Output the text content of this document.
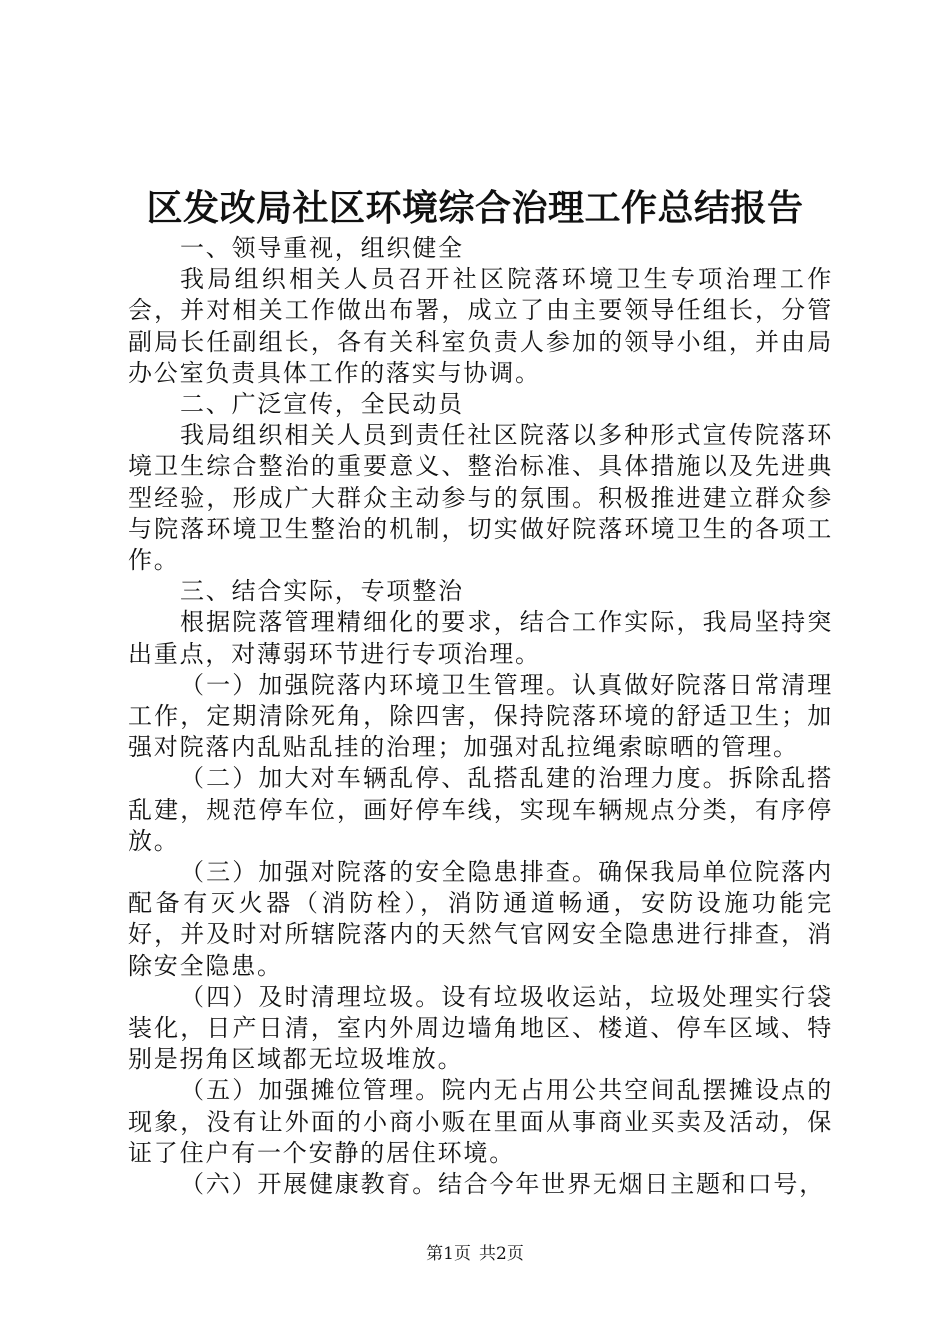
区发改局社区环境综合治理工作总结报告

一、领导重视，组织健全

我局组织相关人员召开社区院落环境卫生专项治理工作会，并对相关工作做出布署，成立了由主要领导任组长，分管副局长任副组长，各有关科室负责人参加的领导小组，并由局办公室负责具体工作的落实与协调。

二、广泛宣传，全民动员

我局组织相关人员到责任社区院落以多种形式宣传院落环境卫生综合整治的重要意义、整治标准、具体措施以及先进典型经验，形成广大群众主动参与的氛围。积极推进建立群众参与院落环境卫生整治的机制，切实做好院落环境卫生的各项工作。

三、结合实际，专项整治

根据院落管理精细化的要求，结合工作实际，我局坚持突出重点，对薄弱环节进行专项治理。

（一）加强院落内环境卫生管理。认真做好院落日常清理工作，定期清除死角，除四害，保持院落环境的舒适卫生；加强对院落内乱贴乱挂的治理；加强对乱拉绳索晾晒的管理。

（二）加大对车辆乱停、乱搭乱建的治理力度。拆除乱搭乱建，规范停车位，画好停车线，实现车辆规点分类，有序停放。

（三）加强对院落的安全隐患排查。确保我局单位院落内配备有灭火器（消防栓），消防通道畅通，安防设施功能完好，并及时对所辖院落内的天然气官网安全隐患进行排查，消除安全隐患。

（四）及时清理垃圾。设有垃圾收运站，垃圾处理实行袋装化，日产日清，室内外周边墙角地区、楼道、停车区域、特别是拐角区域都无垃圾堆放。

（五）加强摊位管理。院内无占用公共空间乱摆摊设点的现象，没有让外面的小商小贩在里面从事商业买卖及活动，保证了住户有一个安静的居住环境。

（六）开展健康教育。结合今年世界无烟日主题和口号，

第1页 共2页
